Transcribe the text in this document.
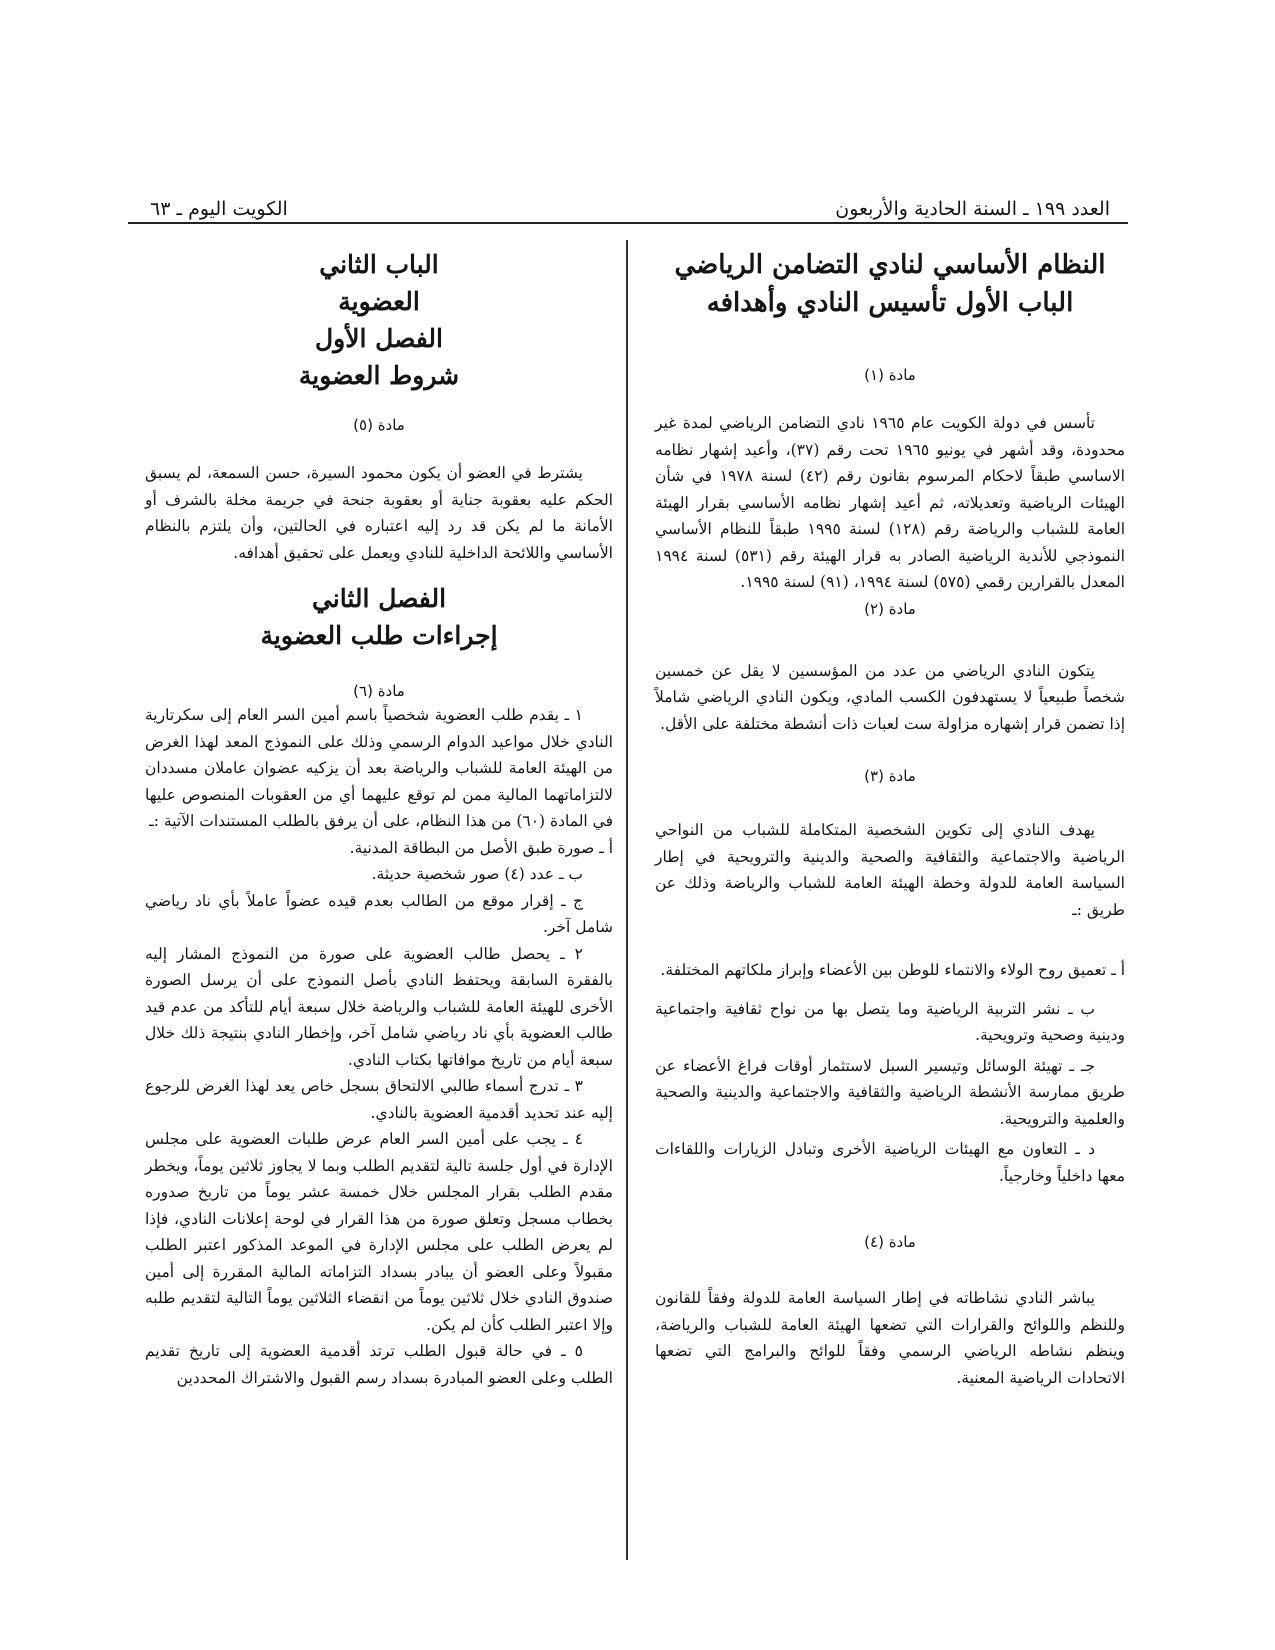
العدد ١٩٩ ـ السنة الحادية والأربعون
الكويت اليوم ـ ٦٣
النظام الأساسي لنادي التضامن الرياضي
الباب الأول تأسيس النادي وأهدافه

مادة (١)

تأسس في دولة الكويت عام ١٩٦٥ نادي التضامن الرياضي لمدة غير محدودة، وقد أشهر في يونيو ١٩٦٥ تحت رقم (٣٧)، وأعيد إشهار نظامه الاساسي طبقاً لاحكام المرسوم بقانون رقم (٤٢) لسنة ١٩٧٨ في شأن الهيئات الرياضية وتعديلاته، ثم أعيد إشهار نظامه الأساسي بقرار الهيئة العامة للشباب والرياضة رقم (١٢٨) لسنة ١٩٩٥ طبقاً للنظام الأساسي النموذجي للأندية الرياضية الصادر به قرار الهيئة رقم (٥٣١) لسنة ١٩٩٤ المعدل بالقرارين رقمي (٥٧٥) لسنة ١٩٩٤، (٩١) لسنة ١٩٩٥.

مادة (٢)

يتكون النادي الرياضي من عدد من المؤسسين لا يقل عن خمسين شخصاً طبيعياً لا يستهدفون الكسب المادي، ويكون النادي الرياضي شاملاً إذا تضمن قرار إشهاره مزاولة ست لعبات ذات أنشطة مختلفة على الأقل.

مادة (٣)

يهدف النادي إلى تكوين الشخصية المتكاملة للشباب من النواحي الرياضية والاجتماعية والثقافية والصحية والدينية والترويحية في إطار السياسة العامة للدولة وخطة الهيئة العامة للشباب والرياضة وذلك عن طريق :ـ

أ ـ تعميق روح الولاء والانتماء للوطن بين الأعضاء وإبراز ملكاتهم المختلفة.

ب ـ نشر التربية الرياضية وما يتصل بها من نواح ثقافية واجتماعية ودينية وصحية وترويحية.

جـ ـ تهيئة الوسائل وتيسير السبل لاستثمار أوقات فراغ الأعضاء عن طريق ممارسة الأنشطة الرياضية والثقافية والاجتماعية والدينية والصحية والعلمية والترويحية.

د ـ التعاون مع الهيئات الرياضية الأخرى وتبادل الزيارات واللقاءات معها داخلياً وخارجياً.

مادة (٤)

يباشر النادي نشاطاته في إطار السياسة العامة للدولة وفقاً للقانون وللنظم واللوائح والقرارات التي تضعها الهيئة العامة للشباب والرياضة، وينظم نشاطه الرياضي الرسمي وفقاً للوائح والبرامج التي تضعها الاتحادات الرياضية المعنية.

الباب الثاني
العضوية
الفصل الأول
شروط العضوية

مادة (٥)

يشترط في العضو أن يكون محمود السيرة، حسن السمعة، لم يسبق الحكم عليه بعقوبة جناية أو بعقوبة جنحة في جريمة مخلة بالشرف أو الأمانة ما لم يكن قد رد إليه اعتباره في الحالتين، وأن يلتزم بالنظام الأساسي واللائحة الداخلية للنادي ويعمل على تحقيق أهدافه.

الفصل الثاني
إجراءات طلب العضوية

مادة (٦)

١ ـ يقدم طلب العضوية شخصياً باسم أمين السر العام إلى سكرتارية النادي خلال مواعيد الدوام الرسمي وذلك على النموذج المعد لهذا الغرض من الهيئة العامة للشباب والرياضة بعد أن يزكيه عضوان عاملان مسددان لالتزاماتهما المالية ممن لم توقع عليهما أي من العقوبات المنصوص عليها في المادة (٦٠) من هذا النظام، على أن يرفق بالطلب المستندات الآتية :ـ

أ ـ صورة طبق الأصل من البطاقة المدنية.

ب ـ عدد (٤) صور شخصية حديثة.

ج ـ إقرار موقع من الطالب بعدم قيده عضواً عاملاً بأي ناد رياضي شامل آخر.

٢ ـ يحصل طالب العضوية على صورة من النموذج المشار إليه بالفقرة السابقة ويحتفظ النادي بأصل النموذج على أن يرسل الصورة الأخرى للهيئة العامة للشباب والرياضة خلال سبعة أيام للتأكد من عدم قيد طالب العضوية بأي ناد رياضي شامل آخر، وإخطار النادي بنتيجة ذلك خلال سبعة أيام من تاريخ موافاتها بكتاب النادي.

٣ ـ تدرج أسماء طالبي الالتحاق بسجل خاص يعد لهذا الغرض للرجوع إليه عند تحديد أقدمية العضوية بالنادي.

٤ ـ يجب على أمين السر العام عرض طلبات العضوية على مجلس الإدارة في أول جلسة تالية لتقديم الطلب وبما لا يجاوز ثلاثين يوماً، ويخطر مقدم الطلب بقرار المجلس خلال خمسة عشر يوماً من تاريخ صدوره بخطاب مسجل وتعلق صورة من هذا القرار في لوحة إعلانات النادي، فإذا لم يعرض الطلب على مجلس الإدارة في الموعد المذكور اعتبر الطلب مقبولاً وعلى العضو أن يبادر بسداد التزاماته المالية المقررة إلى أمين صندوق النادي خلال ثلاثين يوماً من انقضاء الثلاثين يوماً التالية لتقديم طلبه وإلا اعتبر الطلب كأن لم يكن.

٥ ـ في حالة قبول الطلب ترتد أقدمية العضوية إلى تاريخ تقديم الطلب وعلى العضو المبادرة بسداد رسم القبول والاشتراك المحددين
